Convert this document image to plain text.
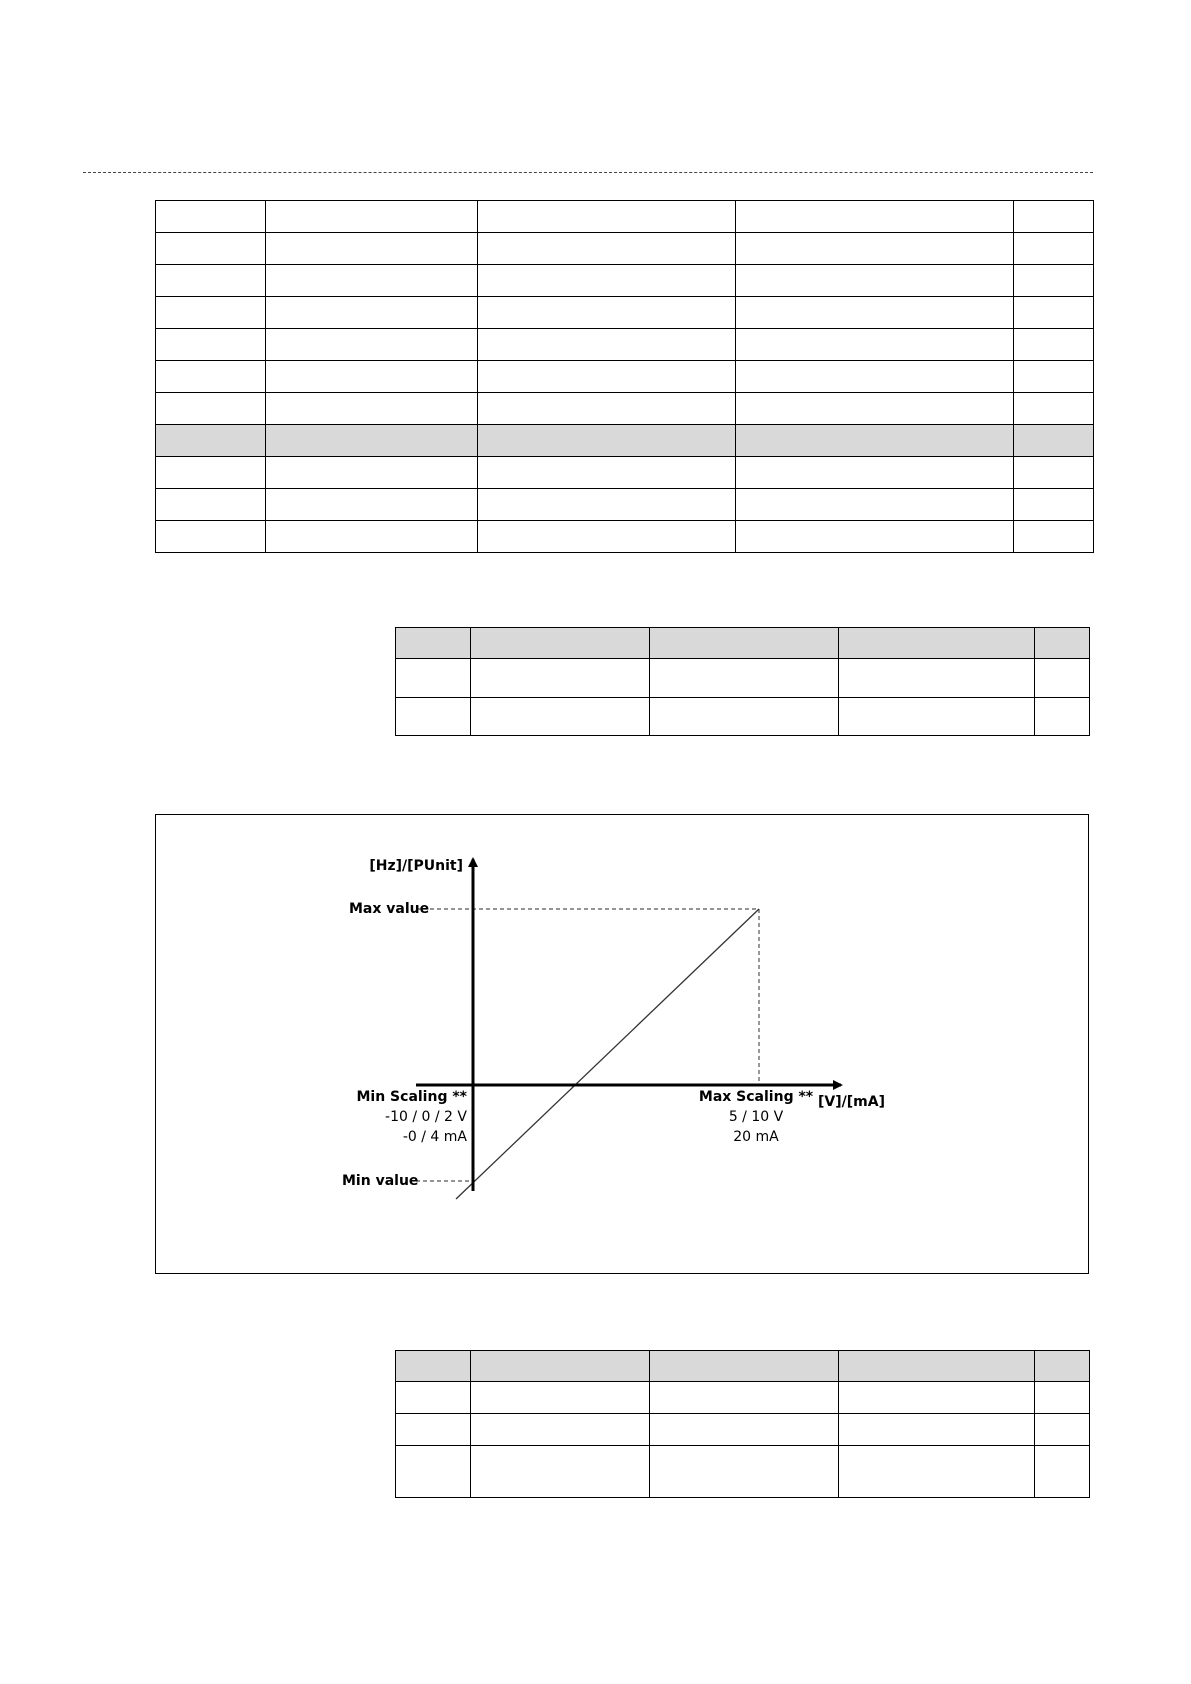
[Hz]/[PUnit]
Max value
Min Scaling **
-10 / 0 / 2 V
-0 / 4 mA
Max Scaling **
5 / 10 V
20 mA
[V]/[mA]
Min value
